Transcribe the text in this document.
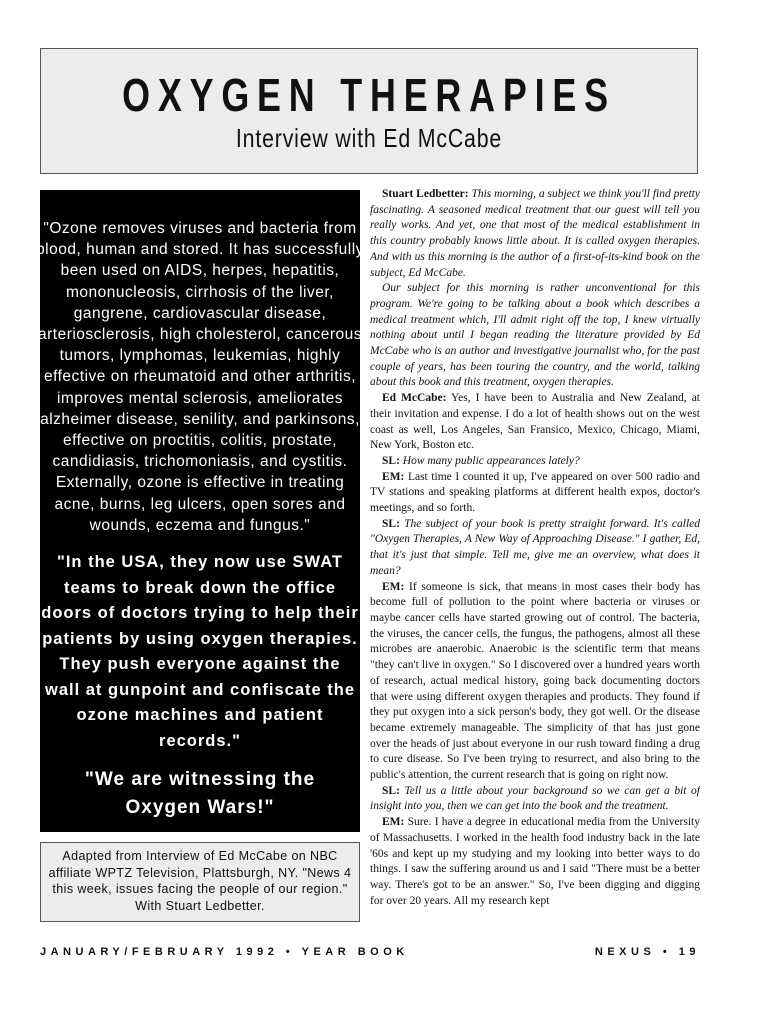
OXYGEN THERAPIES
Interview with Ed McCabe
"Ozone removes viruses and bacteria from blood, human and stored. It has successfully been used on AIDS, herpes, hepatitis, mononucleosis, cirrhosis of the liver, gangrene, cardiovascular disease, arteriosclerosis, high cholesterol, cancerous tumors, lymphomas, leukemias, highly effective on rheumatoid and other arthritis, improves mental sclerosis, ameliorates alzheimer disease, senility, and parkinsons, effective on proctitis, colitis, prostate, candidiasis, trichomoniasis, and cystitis. Externally, ozone is effective in treating acne, burns, leg ulcers, open sores and wounds, eczema and fungus."
"In the USA, they now use SWAT teams to break down the office doors of doctors trying to help their patients by using oxygen therapies. They push everyone against the wall at gunpoint and confiscate the ozone machines and patient records."
"We are witnessing the Oxygen Wars!"
Adapted from Interview of Ed McCabe on NBC affiliate WPTZ Television, Plattsburgh, NY. "News 4 this week, issues facing the people of our region." With Stuart Ledbetter.

Stuart Ledbetter: This morning, a subject we think you'll find pretty fascinating. A seasoned medical treatment that our guest will tell you really works. And yet, one that most of the medical establishment in this country probably knows little about. It is called oxygen therapies. And with us this morning is the author of a first-of-its-kind book on the subject, Ed McCabe.

Our subject for this morning is rather unconventional for this program. We're going to be talking about a book which describes a medical treatment which, I'll admit right off the top, I knew virtually nothing about until I began reading the literature provided by Ed McCabe who is an author and investigative journalist who, for the past couple of years, has been touring the country, and the world, talking about this book and this treatment, oxygen therapies.

Ed McCabe: Yes, I have been to Australia and New Zealand, at their invitation and expense. I do a lot of health shows out on the west coast as well, Los Angeles, San Fransico, Mexico, Chicago, Miami, New York, Boston etc.

SL: How many public appearances lately?

EM: Last time I counted it up, I've appeared on over 500 radio and TV stations and speaking platforms at different health expos, doctor's meetings, and so forth.

SL: The subject of your book is pretty straight forward. It's called "Oxygen Therapies, A New Way of Approaching Disease." I gather, Ed, that it's just that simple. Tell me, give me an overview, what does it mean?

EM: If someone is sick, that means in most cases their body has become full of pollution to the point where bacteria or viruses or maybe cancer cells have started growing out of control. The bacteria, the viruses, the cancer cells, the fungus, the pathogens, almost all these microbes are anaerobic. Anaerobic is the scientific term that means "they can't live in oxygen." So I discovered over a hundred years worth of research, actual medical history, going back documenting doctors that were using different oxygen therapies and products. They found if they put oxygen into a sick person's body, they got well. Or the disease became extremely manageable. The simplicity of that has just gone over the heads of just about everyone in our rush toward finding a drug to cure disease. So I've been trying to resurrect, and also bring to the public's attention, the current research that is going on right now.

SL: Tell us a little about your background so we can get a bit of insight into you, then we can get into the book and the treatment.

EM: Sure. I have a degree in educational media from the University of Massachusetts. I worked in the health food industry back in the late '60s and kept up my studying and my looking into better ways to do things. I saw the suffering around us and I said "There must be a better way. There's got to be an answer." So, I've been digging and digging for over 20 years. All my research kept

JANUARY/FEBRUARY 1992 • YEAR BOOK	NEXUS • 19
